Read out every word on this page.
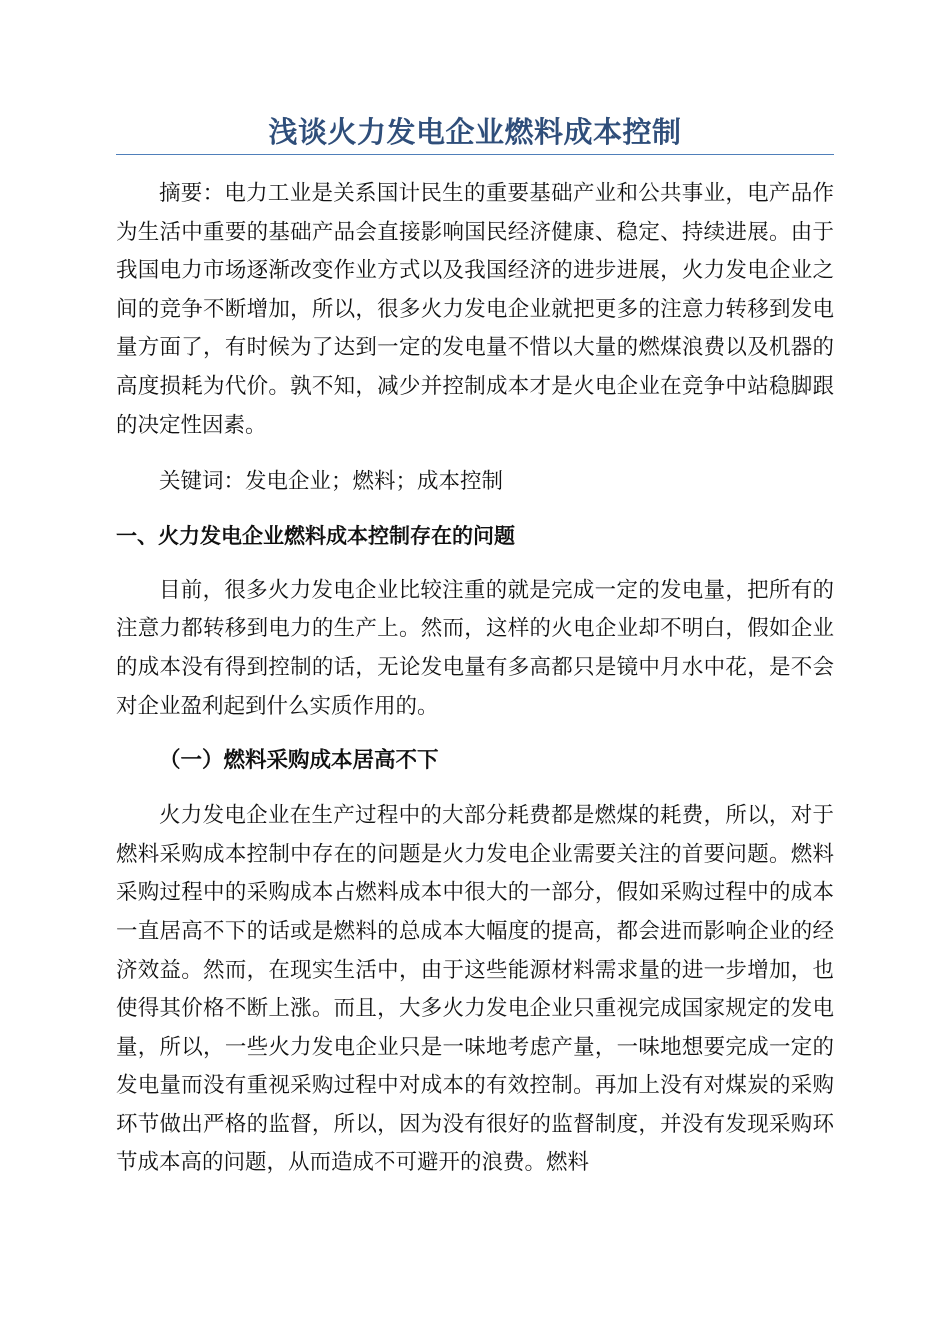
浅谈火力发电企业燃料成本控制

摘要：电力工业是关系国计民生的重要基础产业和公共事业，电产品作为生活中重要的基础产品会直接影响国民经济健康、稳定、持续进展。由于我国电力市场逐渐改变作业方式以及我国经济的进步进展，火力发电企业之间的竞争不断增加，所以，很多火力发电企业就把更多的注意力转移到发电量方面了，有时候为了达到一定的发电量不惜以大量的燃煤浪费以及机器的高度损耗为代价。孰不知，减少并控制成本才是火电企业在竞争中站稳脚跟的决定性因素。

关键词：发电企业；燃料；成本控制

一、火力发电企业燃料成本控制存在的问题

目前，很多火力发电企业比较注重的就是完成一定的发电量，把所有的注意力都转移到电力的生产上。然而，这样的火电企业却不明白，假如企业的成本没有得到控制的话，无论发电量有多高都只是镜中月水中花，是不会对企业盈利起到什么实质作用的。

（一）燃料采购成本居高不下

火力发电企业在生产过程中的大部分耗费都是燃煤的耗费，所以，对于燃料采购成本控制中存在的问题是火力发电企业需要关注的首要问题。燃料采购过程中的采购成本占燃料成本中很大的一部分，假如采购过程中的成本一直居高不下的话或是燃料的总成本大幅度的提高，都会进而影响企业的经济效益。然而，在现实生活中，由于这些能源材料需求量的进一步增加，也使得其价格不断上涨。而且，大多火力发电企业只重视完成国家规定的发电量，所以，一些火力发电企业只是一味地考虑产量，一味地想要完成一定的发电量而没有重视采购过程中对成本的有效控制。再加上没有对煤炭的采购环节做出严格的监督，所以，因为没有很好的监督制度，并没有发现采购环节成本高的问题，从而造成不可避开的浪费。燃料
